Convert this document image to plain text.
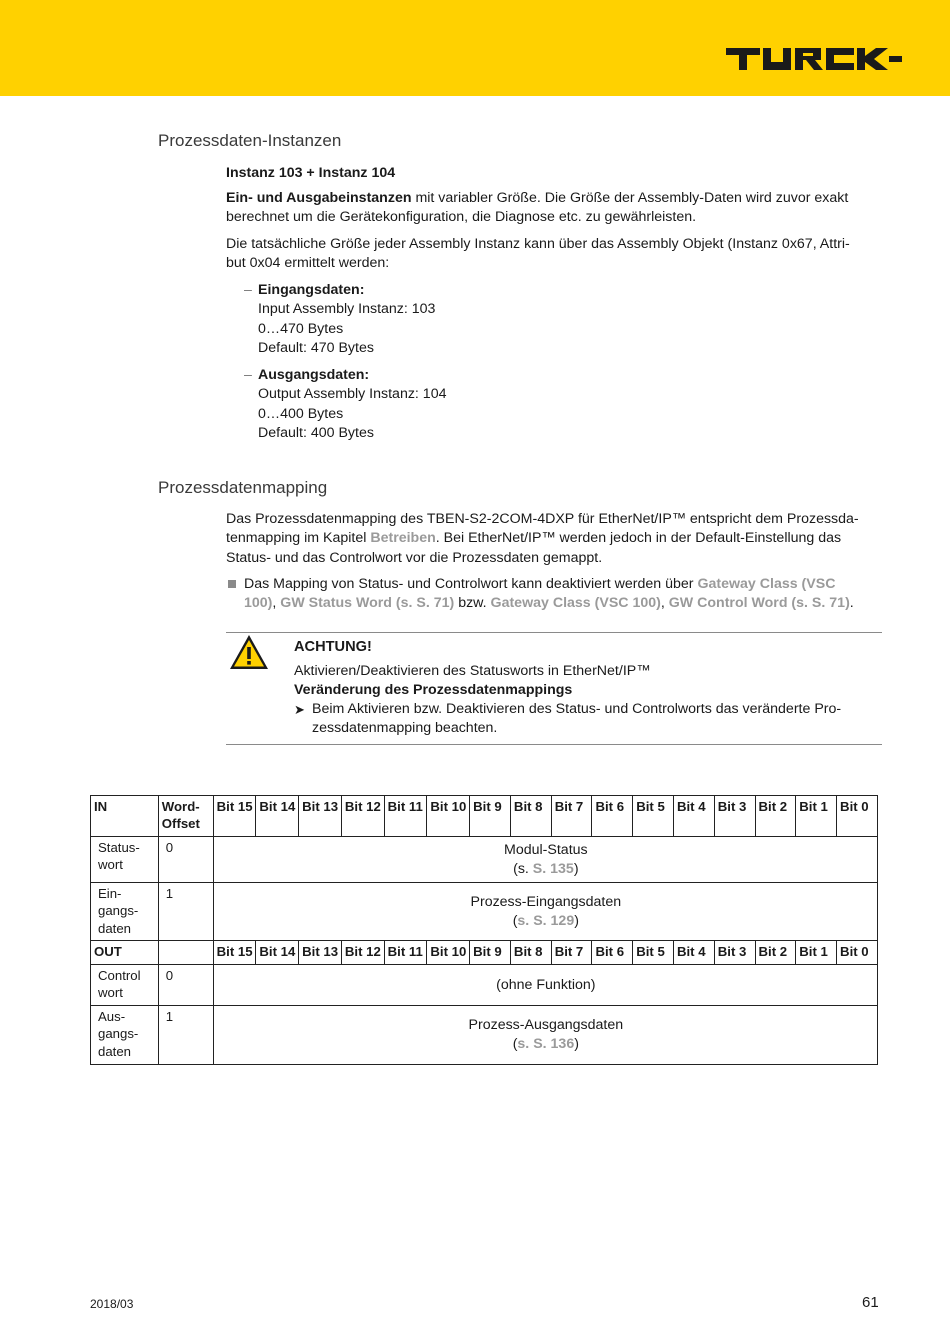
Prozessdaten-Instanzen
Instanz 103 + Instanz 104
Ein- und Ausgabeinstanzen mit variabler Größe. Die Größe der Assembly-Daten wird zuvor exakt
berechnet um die Gerätekonfiguration, die Diagnose etc. zu gewährleisten.
Die tatsächliche Größe jeder Assembly Instanz kann über das Assembly Objekt (Instanz 0x67, Attri-
but 0x04 ermittelt werden:
– Eingangsdaten:
Input Assembly Instanz: 103
0…470 Bytes
Default: 470 Bytes
– Ausgangsdaten:
Output Assembly Instanz: 104
0…400 Bytes
Default: 400 Bytes
Prozessdatenmapping
Das Prozessdatenmapping des TBEN-S2-2COM-4DXP für EtherNet/IP™ entspricht dem Prozessda-
tenmapping im Kapitel Betreiben. Bei EtherNet/IP™ werden jedoch in der Default-Einstellung das
Status- und das Controlwort vor die Prozessdaten gemappt.
Das Mapping von Status- und Controlwort kann deaktiviert werden über Gateway Class (VSC
100), GW Status Word (s. S. 71) bzw. Gateway Class (VSC 100), GW Control Word (s. S. 71).
ACHTUNG!
Aktivieren/Deaktivieren des Statusworts in EtherNet/IP™
Veränderung des Prozessdatenmappings
➤ Beim Aktivieren bzw. Deaktivieren des Status- und Controlworts das veränderte Pro-
zessdatenmapping beachten.
IN	Word-
Offset	Bit 15	Bit 14	Bit 13	Bit 12	Bit 11	Bit 10	Bit 9	Bit 8	Bit 7	Bit 6	Bit 5	Bit 4	Bit 3	Bit 2	Bit 1	Bit 0
Status-
wort	0	Modul-Status
(s. S. 135)															
Ein-
gangs-
daten	1	Prozess-Eingangsdaten
(s. S. 129)															
OUT		Bit 15	Bit 14	Bit 13	Bit 12	Bit 11	Bit 10	Bit 9	Bit 8	Bit 7	Bit 6	Bit 5	Bit 4	Bit 3	Bit 2	Bit 1	Bit 0
Control
wort	0	(ohne Funktion)															
Aus-
gangs-
daten	1	Prozess-Ausgangsdaten
(s. S. 136)															
2018/03	61
